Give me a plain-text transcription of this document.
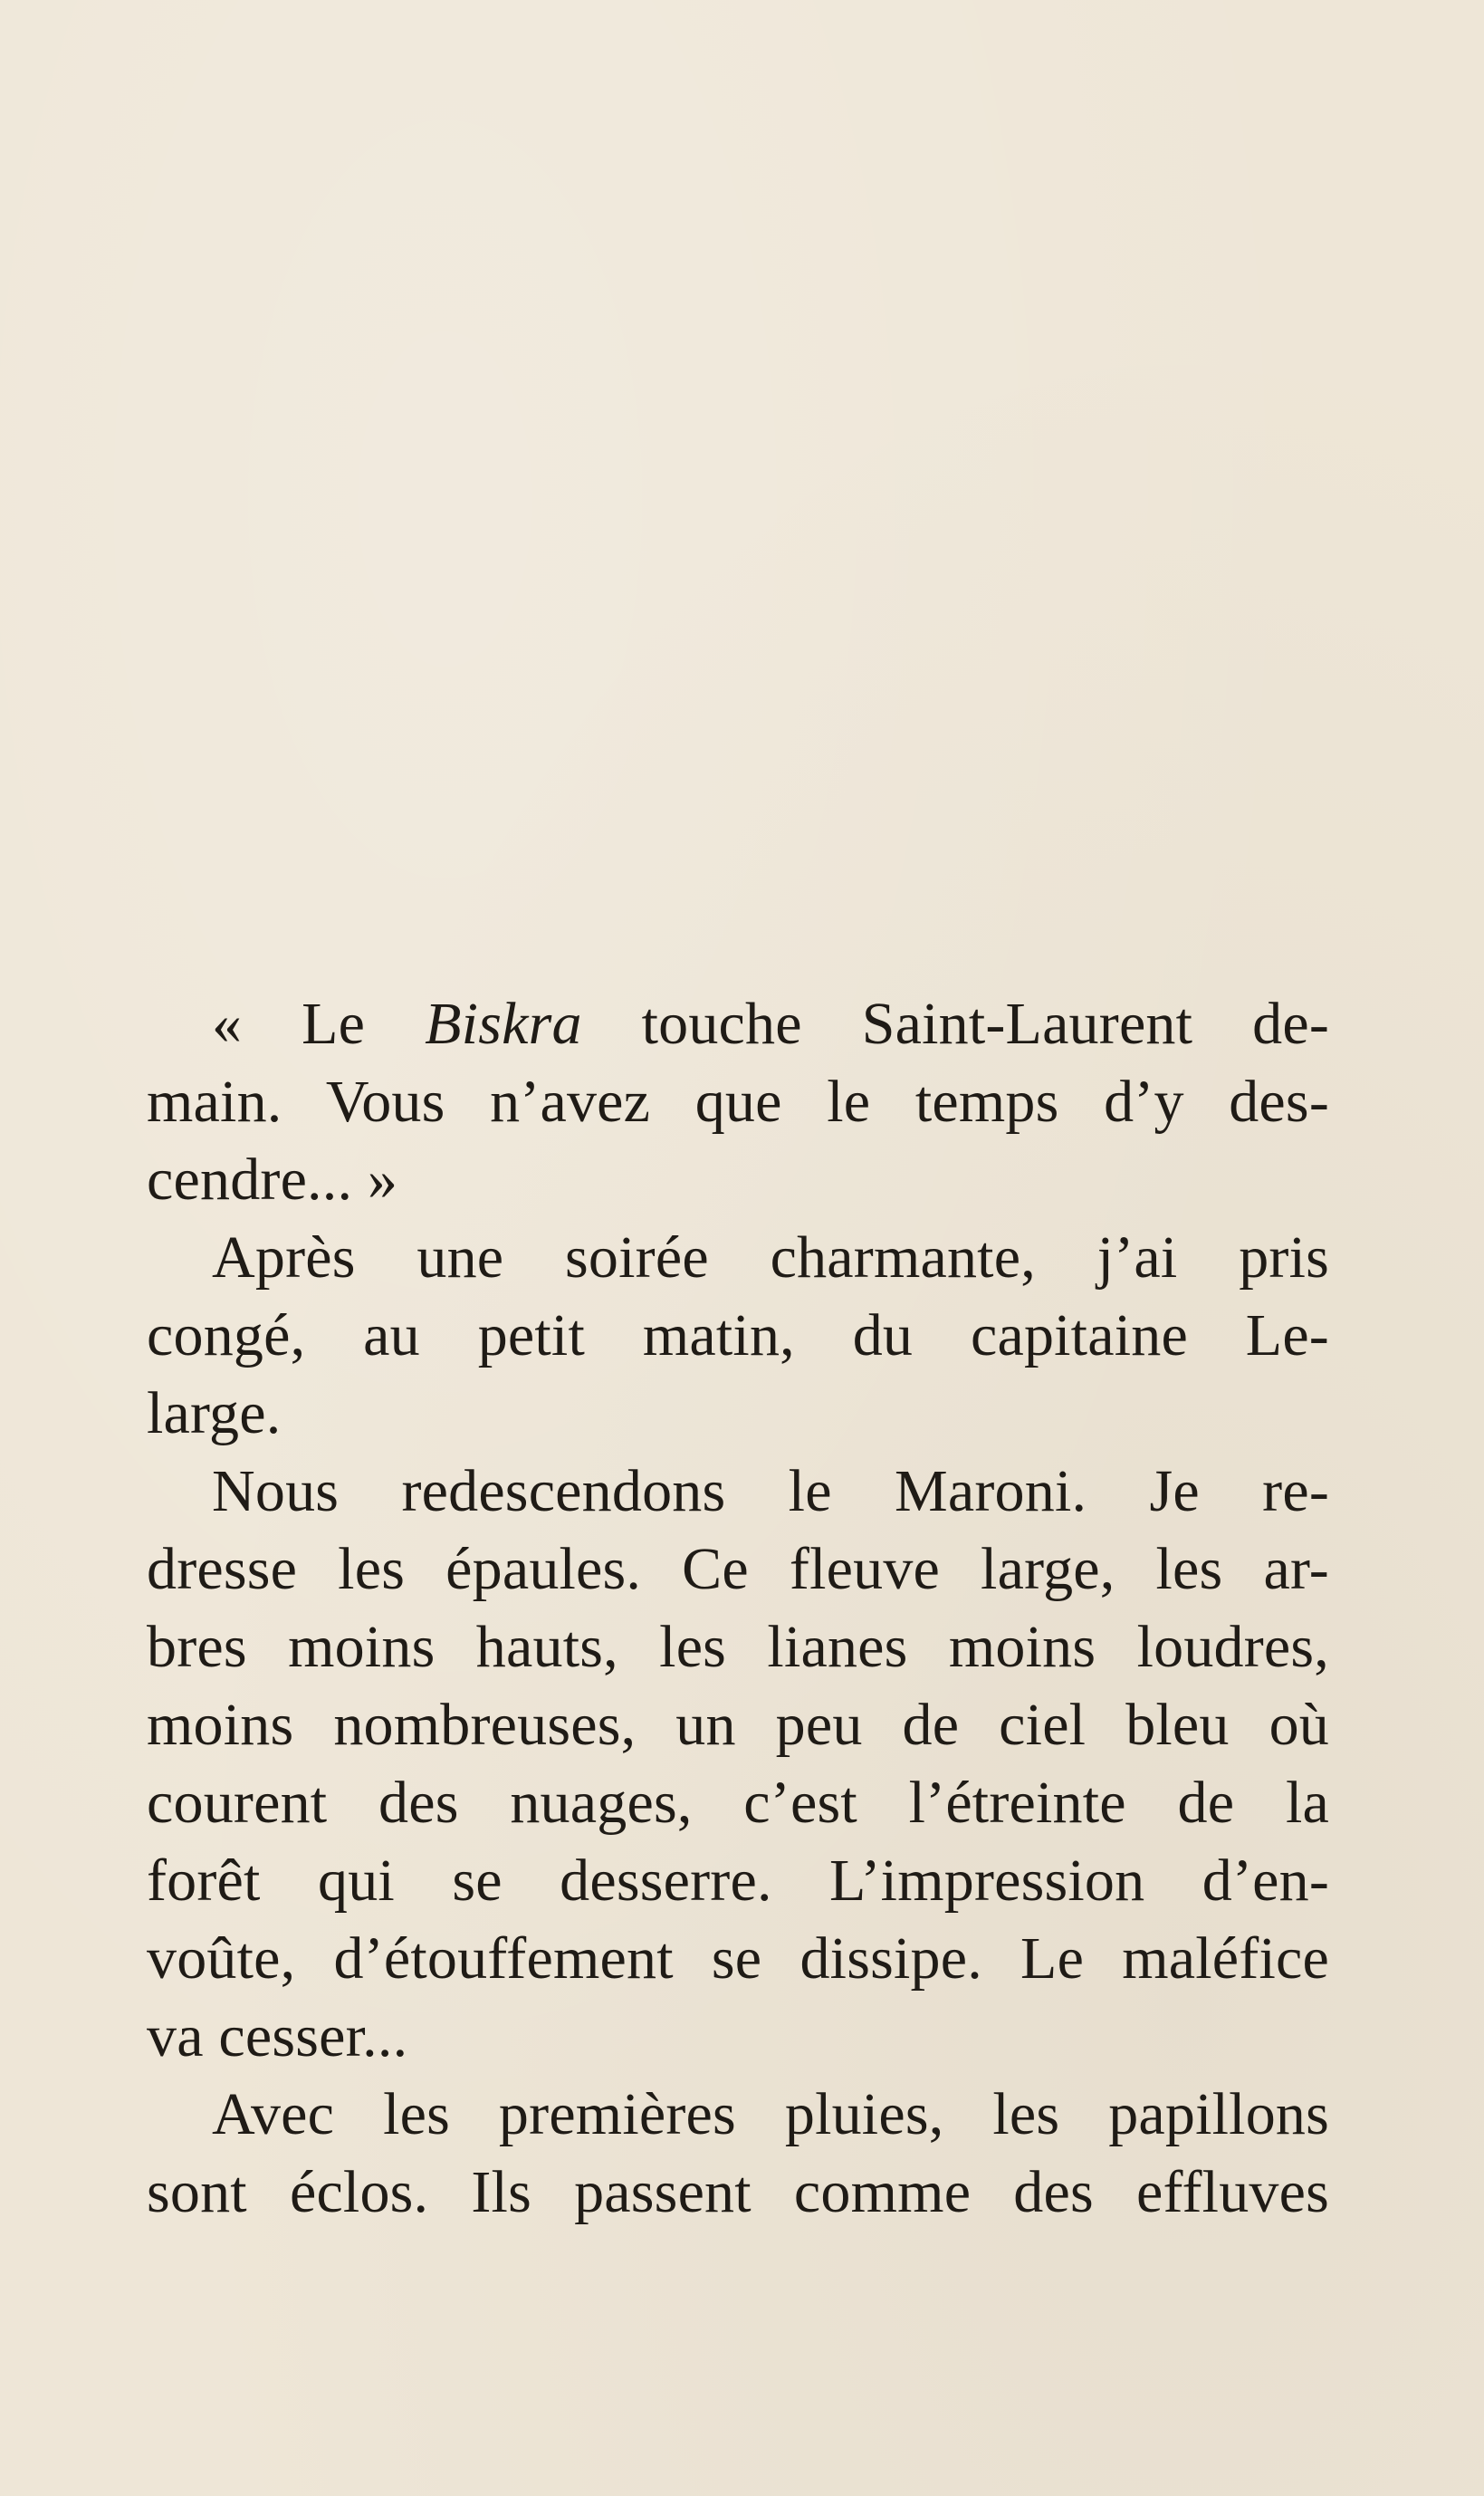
« Le Biskra touche Saint-Laurent de-
main. Vous n’avez que le temps d’y des-
cendre... »
Après une soirée charmante, j’ai pris
congé, au petit matin, du capitaine Le-
large.
Nous redescendons le Maroni. Je re-
dresse les épaules. Ce fleuve large, les ar-
bres moins hauts, les lianes moins loudres,
moins nombreuses, un peu de ciel bleu où
courent des nuages, c’est l’étreinte de la
forêt qui se desserre. L’impression d’en-
voûte, d’étouffement se dissipe. Le maléfice
va cesser...
Avec les premières pluies, les papillons
sont éclos. Ils passent comme des effluves
